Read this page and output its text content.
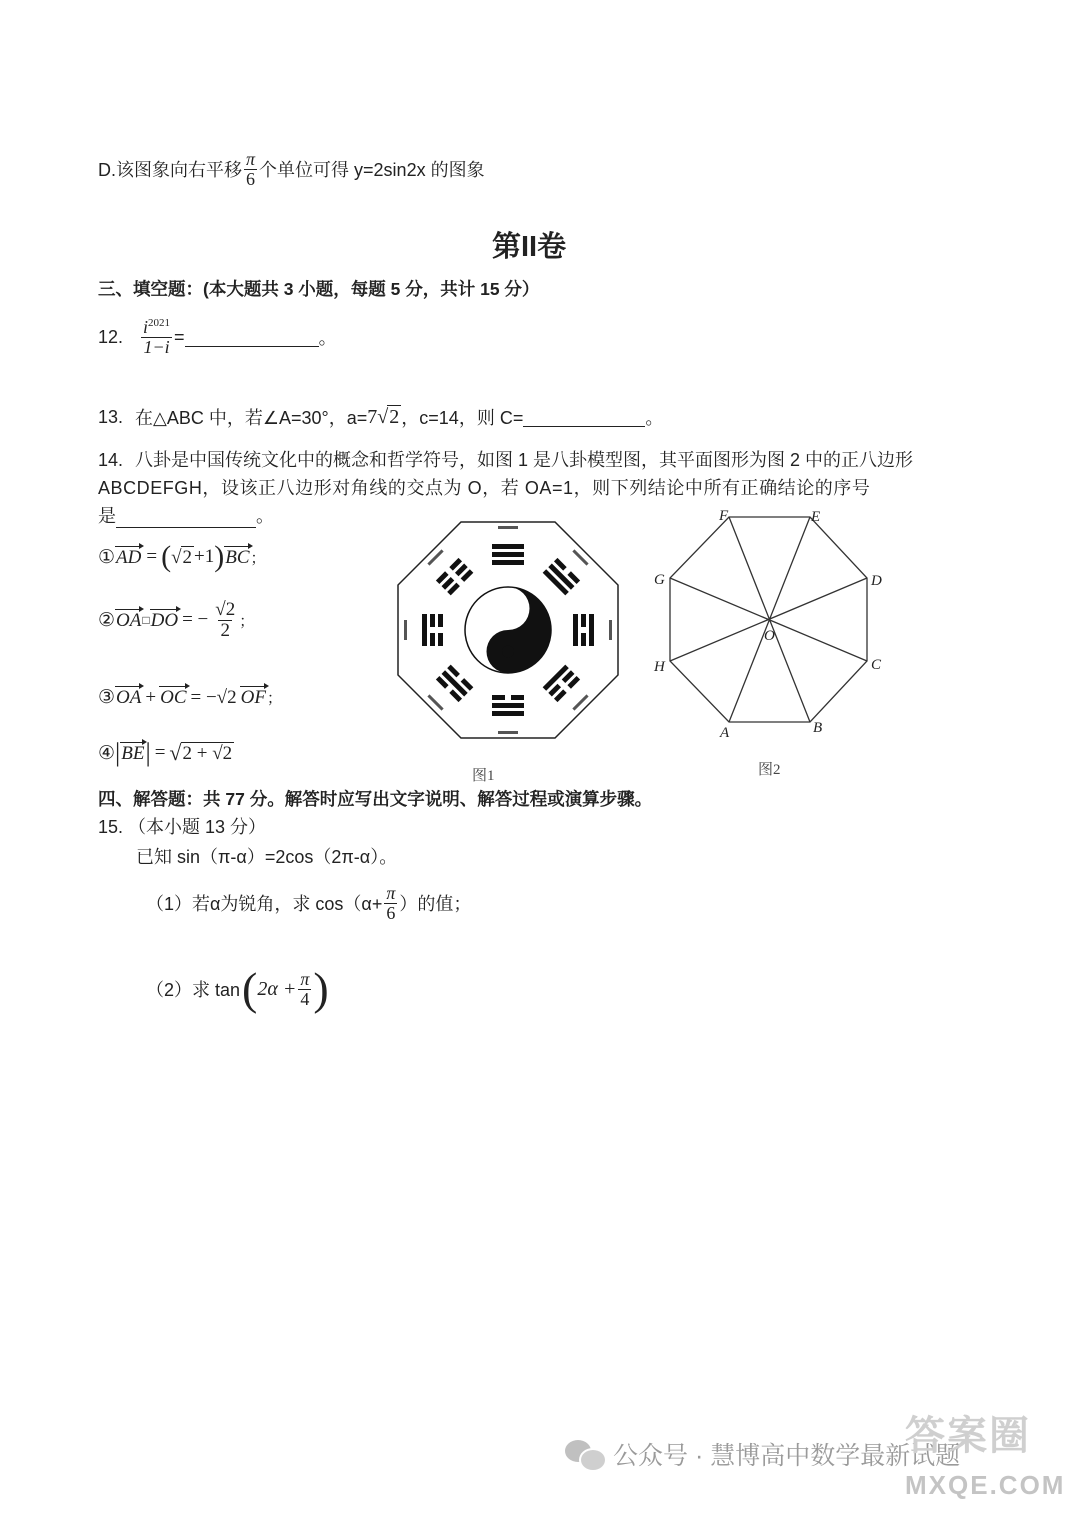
D.该图象向右平移 $\frac{\pi}{6}$ 个单位可得 y=2sin2x 的图象
第II卷
三、填空题：(本大题共 3 小题，每题 5 分，共计 15 分）
12. $\frac{i^{2021}}{1-i}$ =	。
13. 在△ABC 中，若∠A=30°，a= 7 √2 ，c=14，则 C=	。
14. 八卦是中国传统文化中的概念和哲学符号，如图 1 是八卦模型图，其平面图形为图 2 中的正八边形
ABCDEFGH，设该正八边形对角线的交点为 O，若 OA=1，则下列结论中所有正确结论的序号
是	。
① AD = ( √2 +1 ) BC ；
② OA □ DO = − $\frac{√2}{2}$ ；
③ OA + OC = −√2 OF ；
④ | BE | = √ 2 + √2
图1
A	B
C
D
E
F
G
H
O
图2
四、解答题：共 77 分。解答时应写出文字说明、解答过程或演算步骤。
15. （本小题 13 分）
已知 sin（π-α）=2cos（2π-α）。
（1）若α为锐角，求 $\cos(\alpha+ \frac{\pi}{6}$ ）的值；
（2）求 tan ( $2\alpha + \frac{\pi}{4}$ )
公众号 · 慧博高中数学最新试题
答案圈
MXQE.COM
